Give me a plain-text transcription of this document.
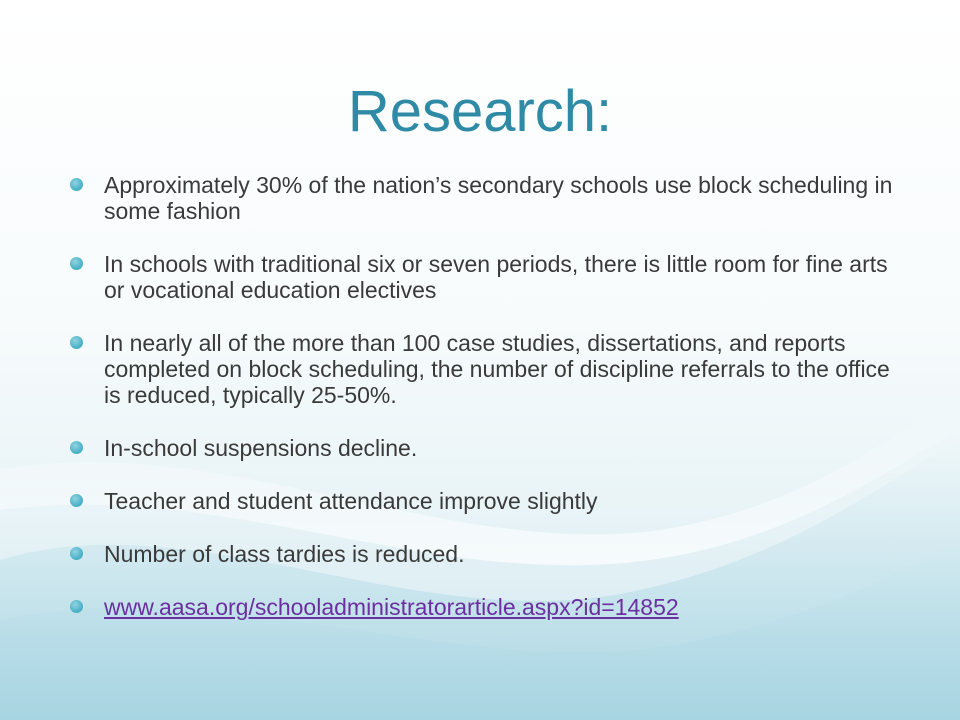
Research:
Approximately 30% of the nation’s secondary schools use block scheduling in some fashion
In schools with traditional six or seven periods, there is little room for fine arts or vocational education electives
In nearly all of the more than 100 case studies, dissertations, and reports completed on block scheduling, the number of discipline referrals to the office is reduced, typically 25-50%.
In-school suspensions decline.
Teacher and student attendance improve slightly
Number of class tardies is reduced.
www.aasa.org/schooladministratorarticle.aspx?id=14852
